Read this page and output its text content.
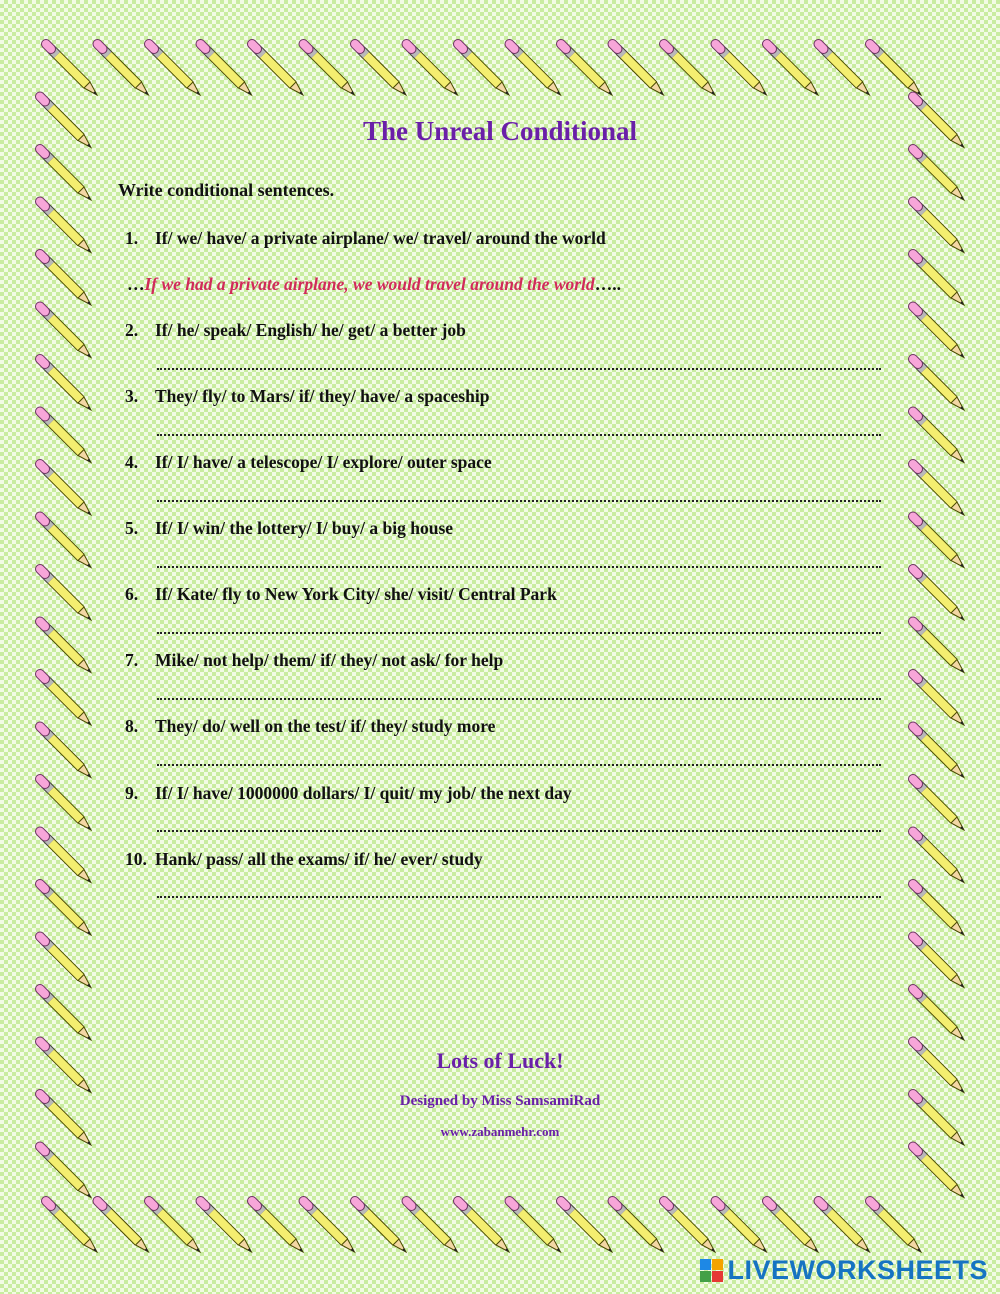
The Unreal Conditional
Write conditional sentences.
1. If/ we/ have/ a private airplane/ we/ travel/ around the world
…If we had a private airplane, we would travel around the world…..
2. If/ he/ speak/ English/ he/ get/ a better job
3. They/ fly/ to Mars/ if/ they/ have/ a spaceship
4. If/ I/ have/ a telescope/ I/ explore/ outer space
5. If/ I/ win/ the lottery/ I/ buy/ a big house
6. If/ Kate/ fly to New York City/ she/ visit/ Central Park
7. Mike/ not help/ them/ if/ they/ not ask/ for help
8. They/ do/ well on the test/ if/ they/ study more
9. If/ I/ have/ 1000000 dollars/ I/ quit/ my job/ the next day
10. Hank/ pass/ all the exams/ if/ he/ ever/ study
Lots of Luck!
Designed by Miss SamsamiRad
www.zabanmehr.com
LIVEWORKSHEETS
